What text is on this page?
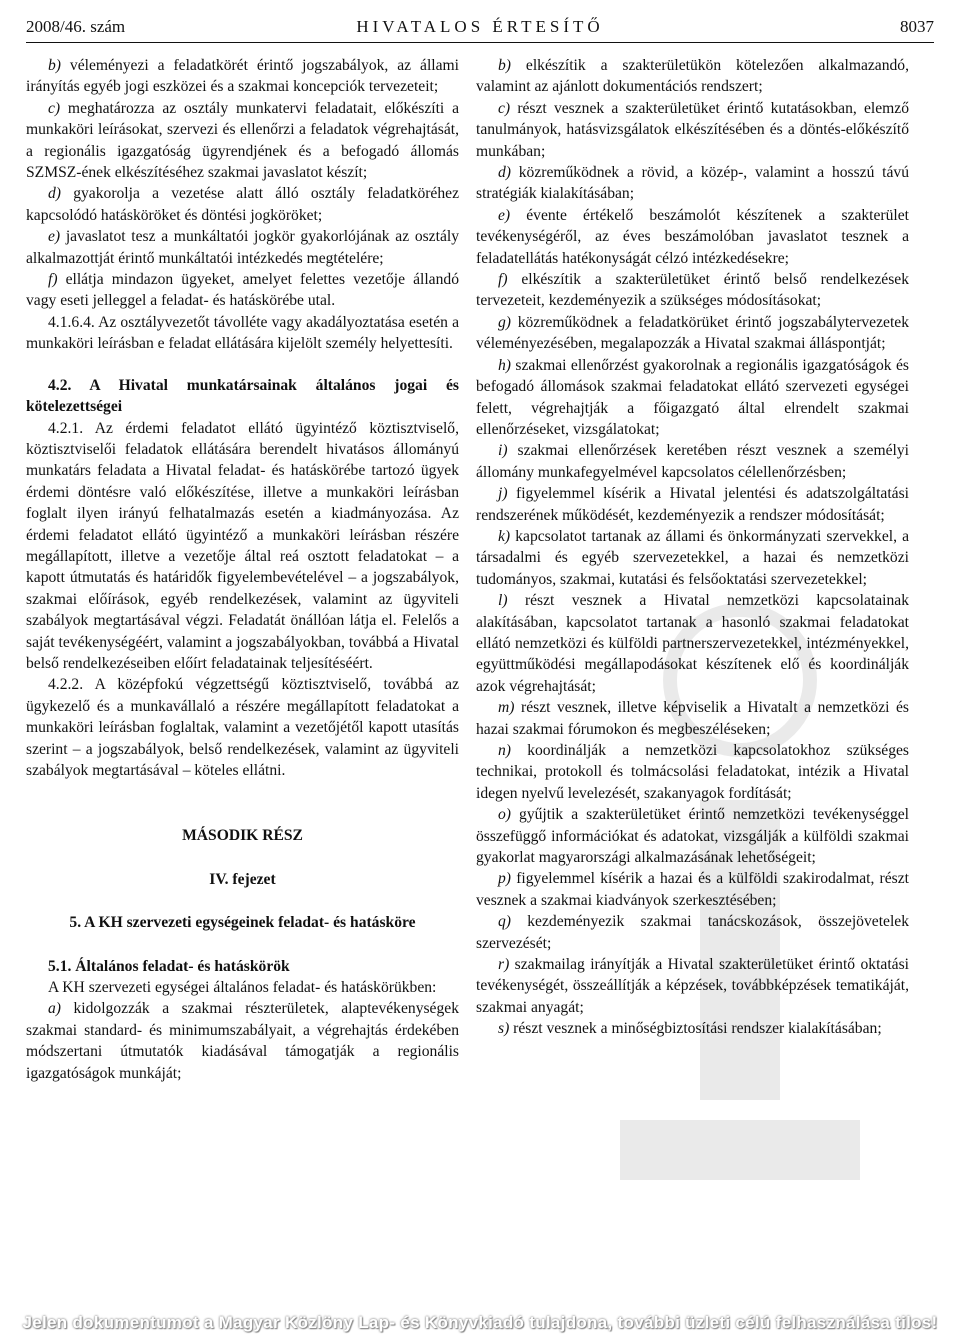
2008/46. szám	HIVATALOS ÉRTESÍTŐ	8037

b) véleményezi a feladatkörét érintő jogszabályok, az állami irányítás egyéb jogi eszközei és a szakmai koncepciók tervezeteit;

c) meghatározza az osztály munkatervi feladatait, előkészíti a munkaköri leírásokat, szervezi és ellenőrzi a feladatok végrehajtását, a regionális igazgatóság ügyrendjének és a befogadó állomás SZMSZ-ének elkészítéséhez szakmai javaslatot készít;

d) gyakorolja a vezetése alatt álló osztály feladatköréhez kapcsolódó hatásköröket és döntési jogköröket;

e) javaslatot tesz a munkáltatói jogkör gyakorlójának az osztály alkalmazottját érintő munkáltatói intézkedés megtételére;

f) ellátja mindazon ügyeket, amelyet felettes vezetője állandó vagy eseti jelleggel a feladat- és hatáskörébe utal.

4.1.6.4. Az osztályvezetőt távolléte vagy akadályoztatása esetén a munkaköri leírásban e feladat ellátására kijelölt személy helyettesíti.

4.2. A Hivatal munkatársainak általános jogai és kötelezettségei

4.2.1. Az érdemi feladatot ellátó ügyintéző köztisztviselő, köztisztviselői feladatok ellátására berendelt hivatásos állományú munkatárs feladata a Hivatal feladat- és hatáskörébe tartozó ügyek érdemi döntésre való előkészítése, illetve a munkaköri leírásban foglalt ilyen irányú felhatalmazás esetén a kiadmányozása. Az érdemi feladatot ellátó ügyintéző a munkaköri leírásban részére megállapított, illetve a vezetője által reá osztott feladatokat – a kapott útmutatás és határidők figyelembevételével – a jogszabályok, szakmai előírások, egyéb rendelkezések, valamint az ügyviteli szabályok megtartásával végzi. Feladatát önállóan látja el. Felelős a saját tevékenységéért, valamint a jogszabályokban, továbbá a Hivatal belső rendelkezéseiben előírt feladatainak teljesítéséért.

4.2.2. A középfokú végzettségű köztisztviselő, továbbá az ügykezelő és a munkavállaló a részére megállapított feladatokat a munkaköri leírásban foglaltak, valamint a vezetőjétől kapott utasítás szerint – a jogszabályok, belső rendelkezések, valamint az ügyviteli szabályok megtartásával – köteles ellátni.

MÁSODIK RÉSZ

IV. fejezet

5. A KH szervezeti egységeinek feladat- és hatásköre

5.1. Általános feladat- és hatáskörök

A KH szervezeti egységei általános feladat- és hatáskörükben:

a) kidolgozzák a szakmai részterületek, alaptevékenységek szakmai standard- és minimumszabályait, a végrehajtás érdekében módszertani útmutatók kiadásával támogatják a regionális igazgatóságok munkáját;

b) elkészítik a szakterületükön kötelezően alkalmazandó, valamint az ajánlott dokumentációs rendszert;

c) részt vesznek a szakterületüket érintő kutatásokban, elemző tanulmányok, hatásvizsgálatok elkészítésében és a döntés-előkészítő munkában;

d) közreműködnek a rövid, a közép-, valamint a hosszú távú stratégiák kialakításában;

e) évente értékelő beszámolót készítenek a szakterület tevékenységéről, az éves beszámolóban javaslatot tesznek a feladatellátás hatékonyságát célzó intézkedésekre;

f) elkészítik a szakterületüket érintő belső rendelkezések tervezeteit, kezdeményezik a szükséges módosításokat;

g) közreműködnek a feladatkörüket érintő jogszabálytervezetek véleményezésében, megalapozzák a Hivatal szakmai álláspontját;

h) szakmai ellenőrzést gyakorolnak a regionális igazgatóságok és befogadó állomások szakmai feladatokat ellátó szervezeti egységei felett, végrehajtják a főigazgató által elrendelt szakmai ellenőrzéseket, vizsgálatokat;

i) szakmai ellenőrzések keretében részt vesznek a személyi állomány munkafegyelmével kapcsolatos célellenőrzésben;

j) figyelemmel kísérik a Hivatal jelentési és adatszolgáltatási rendszerének működését, kezdeményezik a rendszer módosítását;

k) kapcsolatot tartanak az állami és önkormányzati szervekkel, a társadalmi és egyéb szervezetekkel, a hazai és nemzetközi tudományos, szakmai, kutatási és felsőoktatási szervezetekkel;

l) részt vesznek a Hivatal nemzetközi kapcsolatainak alakításában, kapcsolatot tartanak a hasonló szakmai feladatokat ellátó nemzetközi és külföldi partnerszervezetekkel, intézményekkel, együttműködési megállapodásokat készítenek elő és koordinálják azok végrehajtását;

m) részt vesznek, illetve képviselik a Hivatalt a nemzetközi és hazai szakmai fórumokon és megbeszéléseken;

n) koordinálják a nemzetközi kapcsolatokhoz szükséges technikai, protokoll és tolmácsolási feladatokat, intézik a Hivatal idegen nyelvű levelezését, szakanyagok fordítását;

o) gyűjtik a szakterületüket érintő nemzetközi tevékenységgel összefüggő információkat és adatokat, vizsgálják a külföldi szakmai gyakorlat magyarországi alkalmazásának lehetőségeit;

p) figyelemmel kísérik a hazai és a külföldi szakirodalmat, részt vesznek a szakmai kiadványok szerkesztésében;

q) kezdeményezik szakmai tanácskozások, összejövetelek szervezését;

r) szakmailag irányítják a Hivatal szakterületüket érintő oktatási tevékenységét, összeállítják a képzések, továbbképzések tematikáját, szakmai anyagát;

s) részt vesznek a minőségbiztosítási rendszer kialakításában;

Jelen dokumentumot a Magyar Közlöny Lap- és Könyvkiadó tulajdona, további üzleti célú felhasználása tilos!
